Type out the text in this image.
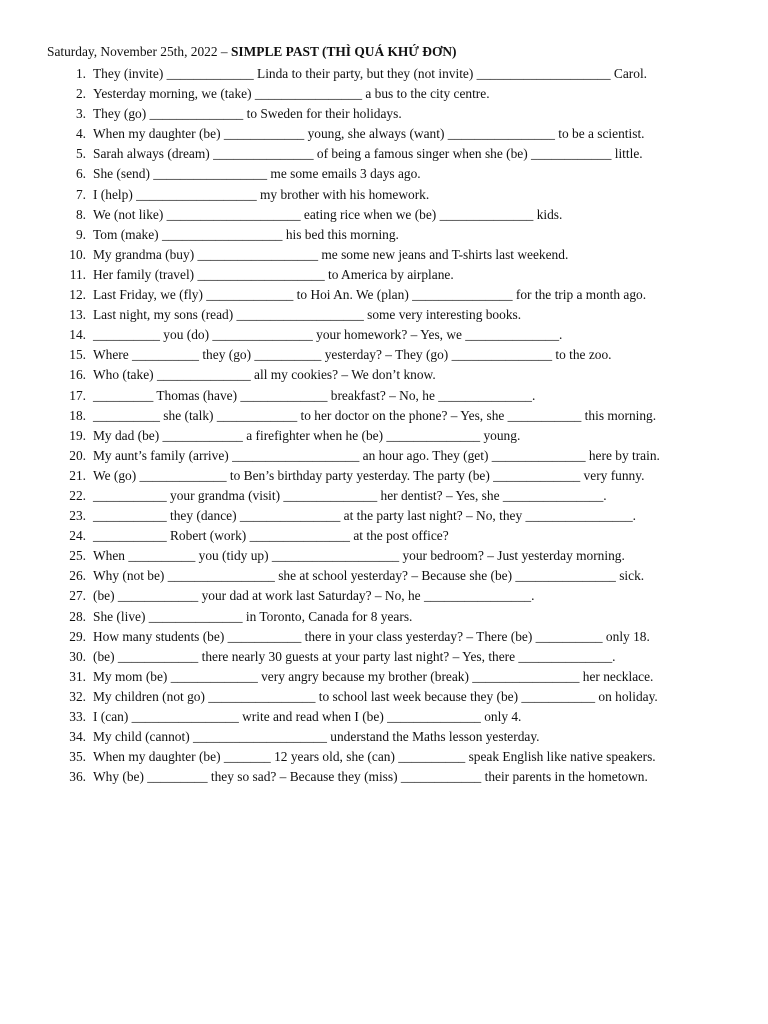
Saturday, November 25th, 2022 – SIMPLE PAST (THÌ QUÁ KHỨ ĐƠN)
1. They (invite) _____________ Linda to their party, but they (not invite) ____________________ Carol.
2. Yesterday morning, we (take) ________________ a bus to the city centre.
3. They (go) ______________ to Sweden for their holidays.
4. When my daughter (be) ____________ young, she always (want) ________________ to be a scientist.
5. Sarah always (dream) _______________ of being a famous singer when she (be) ____________ little.
6. She (send) _________________ me some emails 3 days ago.
7. I (help) __________________ my brother with his homework.
8. We (not like) ____________________ eating rice when we (be) ______________ kids.
9. Tom (make) __________________ his bed this morning.
10. My grandma (buy) __________________ me some new jeans and T-shirts last weekend.
11. Her family (travel) ___________________ to America by airplane.
12. Last Friday, we (fly) _____________ to Hoi An. We (plan) _______________ for the trip a month ago.
13. Last night, my sons (read) ___________________ some very interesting books.
14. __________ you (do) _______________ your homework? – Yes, we ______________.
15. Where __________ they (go) __________ yesterday? – They (go) _______________ to the zoo.
16. Who (take) ______________ all my cookies? – We don’t know.
17. _________ Thomas (have) _____________ breakfast? – No, he ______________.
18. __________ she (talk) ____________ to her doctor on the phone? – Yes, she ___________ this morning.
19. My dad (be) ____________ a firefighter when he (be) ______________ young.
20. My aunt’s family (arrive) ___________________ an hour ago. They (get) ______________ here by train.
21. We (go) _____________ to Ben’s birthday party yesterday. The party (be) _____________ very funny.
22. ___________ your grandma (visit) ______________ her dentist? – Yes, she _______________.
23. ___________ they (dance) _______________ at the party last night? – No, they ________________.
24. ___________ Robert (work) _______________ at the post office?
25. When __________ you (tidy up) ___________________ your bedroom? – Just yesterday morning.
26. Why (not be) ________________ she at school yesterday? – Because she (be) _______________ sick.
27. (be) ____________ your dad at work last Saturday? – No, he ________________.
28. She (live) ______________ in Toronto, Canada for 8 years.
29. How many students (be) ___________ there in your class yesterday? – There (be) __________ only 18.
30. (be) ____________ there nearly 30 guests at your party last night? – Yes, there ______________.
31. My mom (be) _____________ very angry because my brother (break) ________________ her necklace.
32. My children (not go) ________________ to school last week because they (be) ___________ on holiday.
33. I (can) ________________ write and read when I (be) ______________ only 4.
34. My child (cannot) ____________________ understand the Maths lesson yesterday.
35. When my daughter (be) _______ 12 years old, she (can) __________ speak English like native speakers.
36. Why (be) _________ they so sad? – Because they (miss) ____________ their parents in the hometown.
